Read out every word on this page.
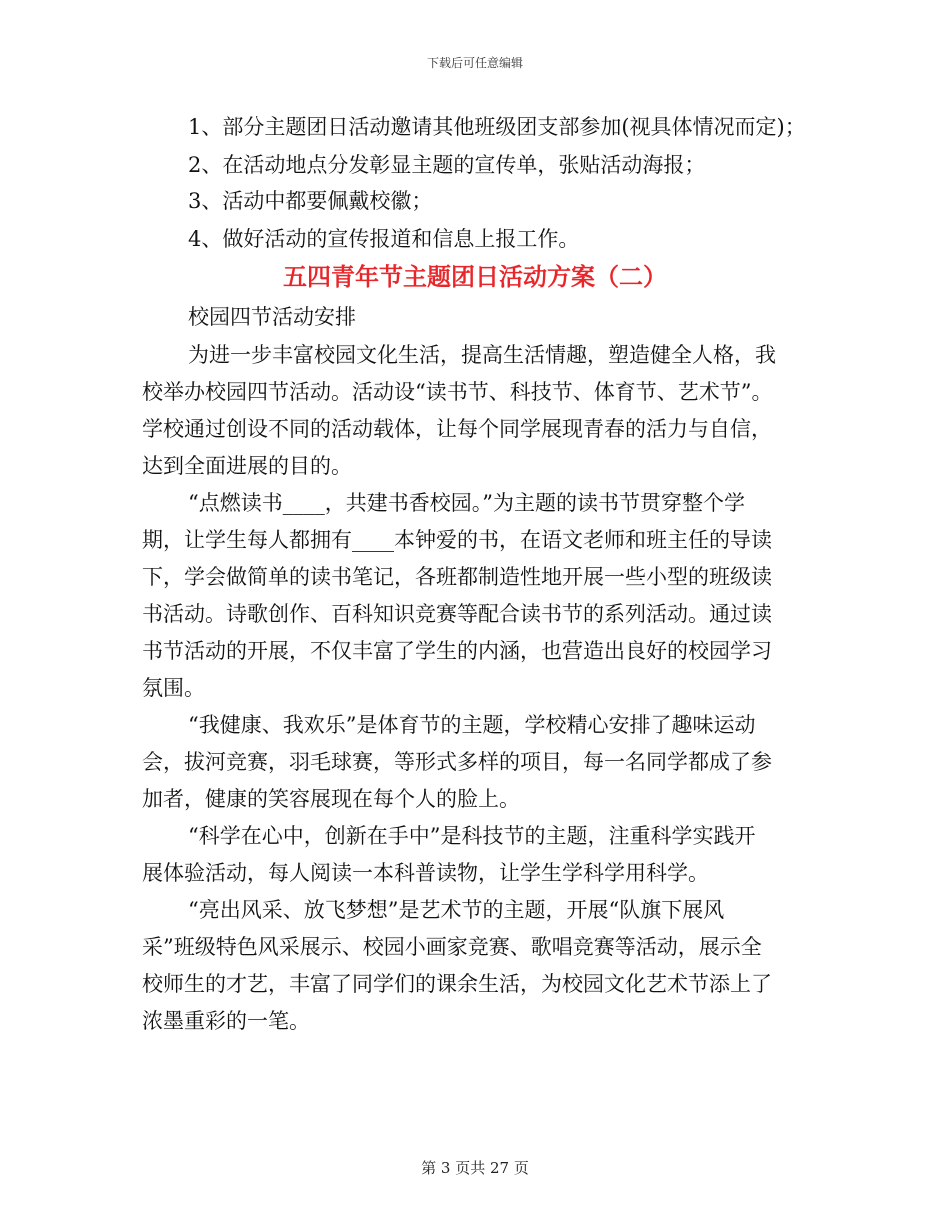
下载后可任意编辑
1、部分主题团日活动邀请其他班级团支部参加(视具体情况而定)；
2、在活动地点分发彰显主题的宣传单，张贴活动海报；
3、活动中都要佩戴校徽；
4、做好活动的宣传报道和信息上报工作。
五四青年节主题团日活动方案（二）
校园四节活动安排
为进一步丰富校园文化生活，提高生活情趣，塑造健全人格，我
校举办校园四节活动。活动设“读书节、科技节、体育节、艺术节”。
学校通过创设不同的活动载体，让每个同学展现青春的活力与自信，
达到全面进展的目的。
“点燃读书____，共建书香校园。”为主题的读书节贯穿整个学
期，让学生每人都拥有____本钟爱的书，在语文老师和班主任的导读
下，学会做简单的读书笔记，各班都制造性地开展一些小型的班级读
书活动。诗歌创作、百科知识竞赛等配合读书节的系列活动。通过读
书节活动的开展，不仅丰富了学生的内涵，也营造出良好的校园学习
氛围。
“我健康、我欢乐”是体育节的主题，学校精心安排了趣味运动
会，拔河竞赛，羽毛球赛，等形式多样的项目，每一名同学都成了参
加者，健康的笑容展现在每个人的脸上。
“科学在心中，创新在手中”是科技节的主题，注重科学实践开
展体验活动，每人阅读一本科普读物，让学生学科学用科学。
“亮出风采、放飞梦想”是艺术节的主题，开展“队旗下展风
采”班级特色风采展示、校园小画家竞赛、歌唱竞赛等活动，展示全
校师生的才艺，丰富了同学们的课余生活，为校园文化艺术节添上了
浓墨重彩的一笔。
第 3 页共 27 页
